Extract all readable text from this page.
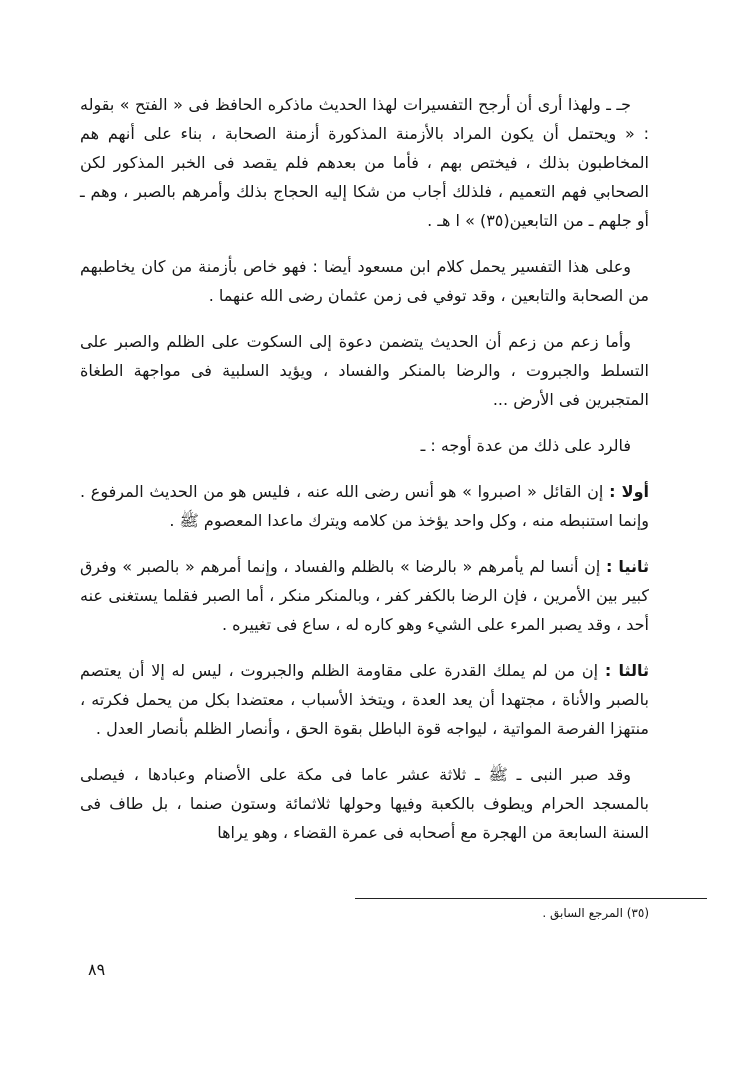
جـ ـ ولهذا أرى أن أرجح التفسيرات لهذا الحديث ماذكره الحافظ فى « الفتح » بقوله : « ويحتمل أن يكون المراد بالأزمنة المذكورة أزمنة الصحابة ، بناء على أنهم هم المخاطبون بذلك ، فيختص بهم ، فأما من بعدهم فلم يقصد فى الخبر المذكور لكن الصحابي فهم التعميم ، فلذلك أجاب من شكا إليه الحجاج بذلك وأمرهم بالصبر ، وهم ـ أو جلهم ـ من التابعين(٣٥) » ا هـ .

وعلى هذا التفسير يحمل كلام ابن مسعود أيضا : فهو خاص بأزمنة من كان يخاطبهم من الصحابة والتابعين ، وقد توفي فى زمن عثمان رضى الله عنهما .

وأما زعم من زعم أن الحديث يتضمن دعوة إلى السكوت على الظلم والصبر على التسلط والجبروت ، والرضا بالمنكر والفساد ، ويؤيد السلبية فى مواجهة الطغاة المتجبرين فى الأرض ...

فالرد على ذلك من عدة أوجه : ـ

أولا : إن القائل « اصبروا » هو أنس رضى الله عنه ، فليس هو من الحديث المرفوع . وإنما استنبطه منه ، وكل واحد يؤخذ من كلامه ويترك ماعدا المعصوم ﷺ .

ثانيا : إن أنسا لم يأمرهم « بالرضا » بالظلم والفساد ، وإنما أمرهم « بالصبر » وفرق كبير بين الأمرين ، فإن الرضا بالكفر كفر ، وبالمنكر منكر ، أما الصبر فقلما يستغنى عنه أحد ، وقد يصبر المرء على الشيء وهو كاره له ، ساع فى تغييره .

ثالثا : إن من لم يملك القدرة على مقاومة الظلم والجبروت ، ليس له إلا أن يعتصم بالصبر والأناة ، مجتهدا أن يعد العدة ، ويتخذ الأسباب ، معتضدا بكل من يحمل فكرته ، منتهزا الفرصة المواتية ، ليواجه قوة الباطل بقوة الحق ، وأنصار الظلم بأنصار العدل .

وقد صبر النبى ـ ﷺ ـ ثلاثة عشر عاما فى مكة على الأصنام وعبادها ، فيصلى بالمسجد الحرام ويطوف بالكعبة وفيها وحولها ثلاثمائة وستون صنما ، بل طاف فى السنة السابعة من الهجرة مع أصحابه فى عمرة القضاء ، وهو يراها

(٣٥) المرجع السابق .
٨٩
